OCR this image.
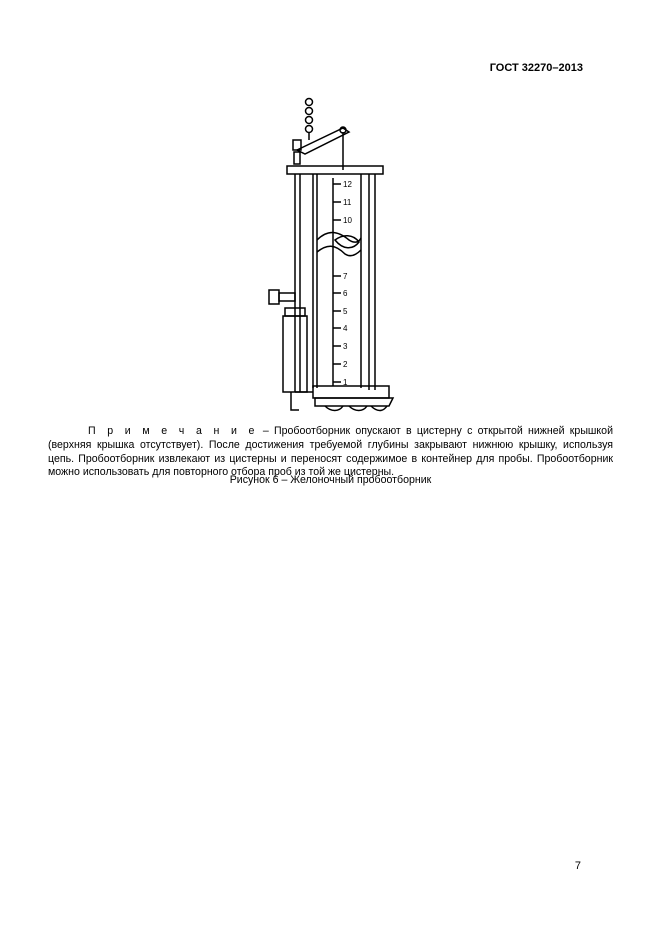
ГОСТ 32270–2013
12
11
10
7
6
5
4
3
2
1

П р и м е ч а н и е – Пробоотборник опускают в цистерну с открытой нижней крышкой (верхняя крышка отсутствует). После достижения требуемой глубины закрывают нижнюю крышку, используя цепь. Пробоотборник извлекают из цистерны и переносят содержимое в контейнер для пробы. Пробоотборник можно использовать для повторного отбора проб из той же цистерны.

Рисунок 6 – Желоночный пробоотборник
7
